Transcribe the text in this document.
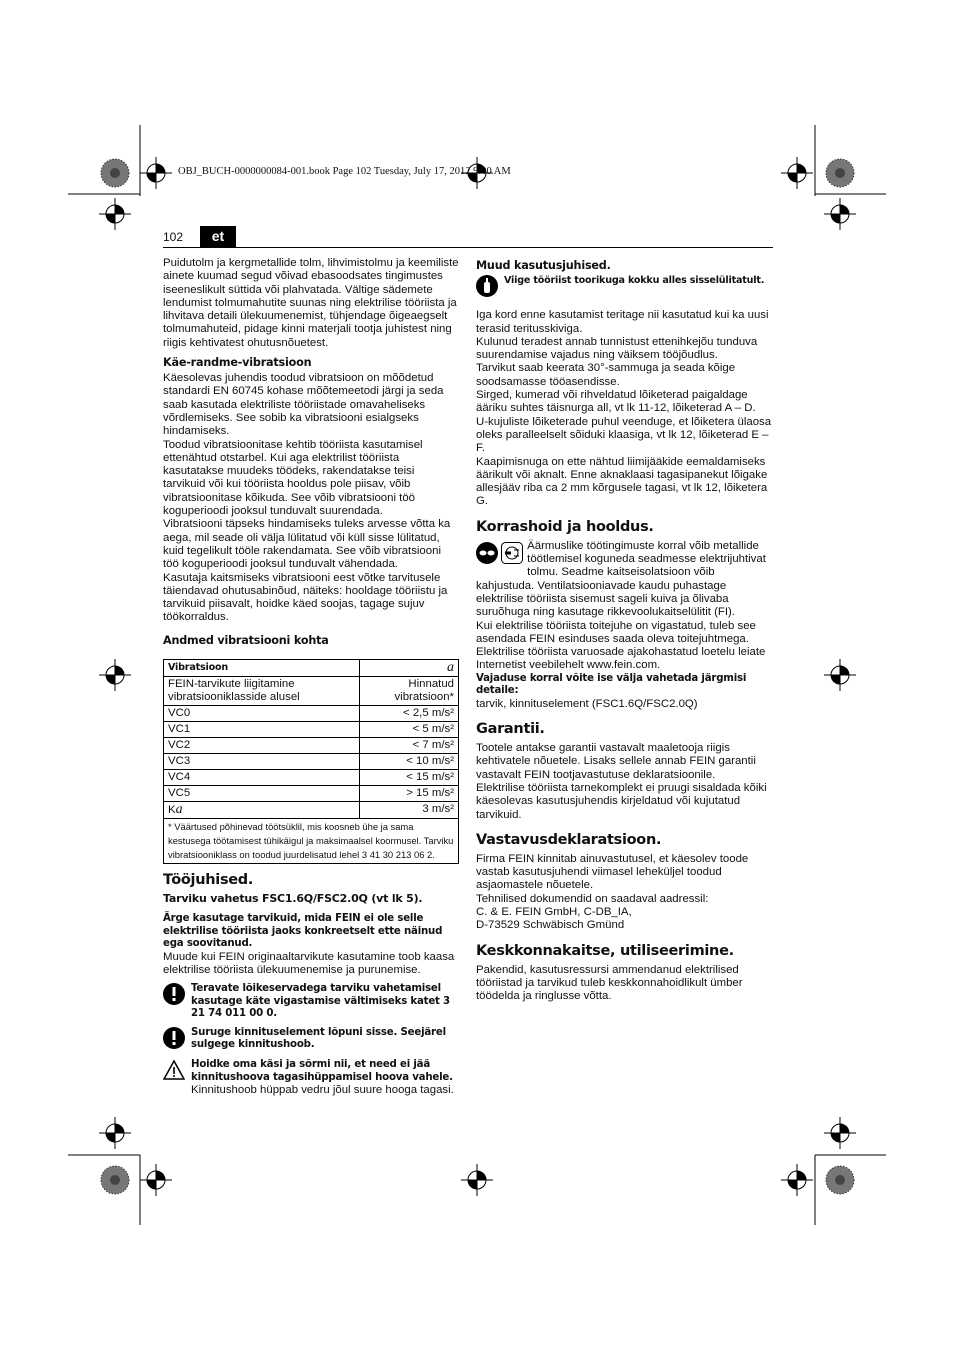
OBJ_BUCH-0000000084-001.book Page 102 Tuesday, July 17, 2012 9:00 AM
102	et

Puidutolm ja kergmetallide tolm, lihvimistolmu ja keemiliste ainete kuumad segud võivad ebasoodsates tingimustes iseeneslikult süttida või plahvatada. Vältige sädemete lendumist tolmumahutite suunas ning elektrilise tööriista ja lihvitava detaili ülekuumenemist, tühjendage õigeaegselt tolmumahuteid, pidage kinni materjali tootja juhistest ning riigis kehtivatest ohutusnõuetest.

Käe-randme-vibratsioon

Käesolevas juhendis toodud vibratsioon on mõõdetud standardi EN 60745 kohase mõõtemeetodi järgi ja seda saab kasutada elektriliste tööriistade omavaheliseks võrdlemiseks. See sobib ka vibratsiooni esialgseks hindamiseks.

Toodud vibratsioonitase kehtib tööriista kasutamisel ettenähtud otstarbel. Kui aga elektrilist tööriista kasutatakse muudeks töödeks, rakendatakse teisi tarvikuid või kui tööriista hooldus pole piisav, võib vibratsioonitase kõikuda. See võib vibratsiooni töö koguperioodi jooksul tunduvalt suurendada.

Vibratsiooni täpseks hindamiseks tuleks arvesse võtta ka aega, mil seade oli välja lülitatud või küll sisse lülitatud, kuid tegelikult tööle rakendamata. See võib vibratsiooni töö koguperioodi jooksul tunduvalt vähendada.

Kasutaja kaitsmiseks vibratsiooni eest võtke tarvitusele täiendavad ohutusabinõud, näiteks: hooldage tööriistu ja tarvikuid piisavalt, hoidke käed soojas, tagage sujuv töökorraldus.

Andmed vibratsiooni kohta
Vibratsioon	a
FEIN-tarvikute liigitamine vibratsiooniklasside alusel	Hinnatud vibratsioon*
VC0	< 2,5 m/s²
VC1	< 5 m/s²
VC2	< 7 m/s²
VC3	< 10 m/s²
VC4	< 15 m/s²
VC5	> 15 m/s²
Ka	3 m/s²
* Väärtused põhinevad töötsüklil, mis koosneb ühe ja sama kestusega töötamisest tühikäigul ja maksimaalsel koormusel. Tarviku vibratsiooniklass on toodud juurdelisatud lehel 3 41 30 213 06 2.	
Tööjuhised.
Tarviku vahetus FSC1.6Q/FSC2.0Q (vt lk 5).
Ärge kasutage tarvikuid, mida FEIN ei ole selle elektrilise tööriista jaoks konkreetselt ette näinud ega soovitanud.

Muude kui FEIN originaaltarvikute kasutamine toob kaasa elektrilise tööriista ülekuumenemise ja purunemise.

Teravate lõikeservadega tarviku vahetamisel kasutage käte vigastamise vältimiseks katet 3 21 74 011 00 0.
Suruge kinnituselement lõpuni sisse. Seejärel sulgege kinnitushoob.
Hoidke oma käsi ja sõrmi nii, et need ei jää kinnitushoova tagasihüppamisel hoova vahele.

Kinnitushoob hüppab vedru jõul suure hooga tagasi.

Muud kasutusjuhised.
Viige tööriist toorikuga kokku alles sisselülitatult.

Iga kord enne kasutamist teritage nii kasutatud kui ka uusi terasid teritusskiviga.

Kulunud teradest annab tunnistust ettenihkejõu tunduva suurendamise vajadus ning väiksem tööjõudlus.

Tarvikut saab keerata 30°-sammuga ja seada kõige soodsamasse tööasendisse.

Sirged, kumerad või rihveldatud lõiketerad paigaldage ääriku suhtes täisnurga all, vt lk 11-12, lõiketerad A – D.

U-kujuliste lõiketerade puhul veenduge, et lõiketera ülaosa oleks paralleelselt sõiduki klaasiga, vt lk 12, lõiketerad E – F.

Kaapimisnuga on ette nähtud liimijääkide eemaldamiseks äärikult või aknalt. Enne aknaklaasi tagasipanekut lõigake allesjääv riba ca 2 mm kõrgusele tagasi, vt lk 12, lõiketera G.

Korrashoid ja hooldus.

Äärmuslike töötingimuste korral võib metallide töötlemisel koguneda seadmesse elektrijuhtivat tolmu. Seadme kaitseisolatsioon võib kahjustuda. Ventilatsiooniavade kaudu puhastage elektrilise tööriista sisemust sageli kuiva ja õlivaba suruõhuga ning kasutage rikkevoolukaitselülitit (FI).

Kui elektrilise tööriista toitejuhe on vigastatud, tuleb see asendada FEIN esinduses saada oleva toitejuhtmega.

Elektrilise tööriista varuosade ajakohastatud loetelu leiate Internetist veebilehelt www.fein.com.

Vajaduse korral võite ise välja vahetada järgmisi detaile:

tarvik, kinnituselement (FSC1.6Q/FSC2.0Q)

Garantii.

Tootele antakse garantii vastavalt maaletooja riigis kehtivatele nõuetele. Lisaks sellele annab FEIN garantii vastavalt FEIN tootjavastutuse deklaratsioonile.

Elektrilise tööriista tarnekomplekt ei pruugi sisaldada kõiki käesolevas kasutusjuhendis kirjeldatud või kujutatud tarvikuid.

Vastavusdeklaratsioon.

Firma FEIN kinnitab ainuvastutusel, et käesolev toode vastab kasutusjuhendi viimasel leheküljel toodud asjaomastele nõuetele.

Tehnilised dokumendid on saadaval aadressil:

C. & E. FEIN GmbH, C-DB_IA,

D-73529 Schwäbisch Gmünd

Keskkonnakaitse, utiliseerimine.

Pakendid, kasutusressursi ammendanud elektrilised tööriistad ja tarvikud tuleb keskkonnahoidlikult ümber töödelda ja ringlusse võtta.
